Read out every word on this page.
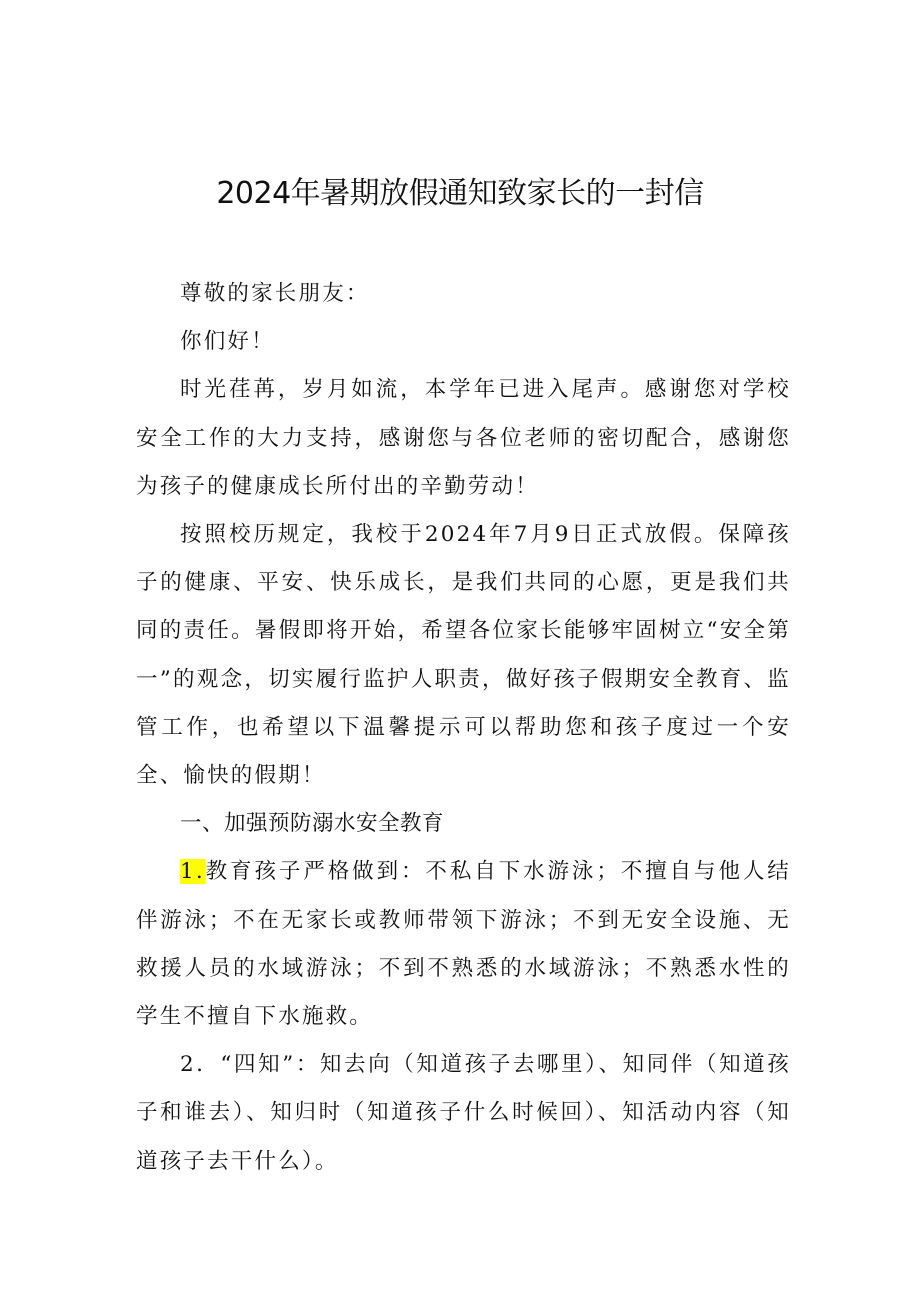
2024年暑期放假通知致家长的一封信

尊敬的家长朋友：

你们好！

时光荏苒，岁月如流，本学年已进入尾声。感谢您对学校安全工作的大力支持，感谢您与各位老师的密切配合，感谢您为孩子的健康成长所付出的辛勤劳动！

按照校历规定，我校于2024年7月9日正式放假。保障孩子的健康、平安、快乐成长，是我们共同的心愿，更是我们共同的责任。暑假即将开始，希望各位家长能够牢固树立“安全第一”的观念，切实履行监护人职责，做好孩子假期安全教育、监管工作，也希望以下温馨提示可以帮助您和孩子度过一个安全、愉快的假期！

一、加强预防溺水安全教育

1.教育孩子严格做到：不私自下水游泳；不擅自与他人结伴游泳；不在无家长或教师带领下游泳；不到无安全设施、无救援人员的水域游泳；不到不熟悉的水域游泳；不熟悉水性的学生不擅自下水施救。

2．“四知”：知去向（知道孩子去哪里）、知同伴（知道孩子和谁去）、知归时（知道孩子什么时候回）、知活动内容（知道孩子去干什么）。
